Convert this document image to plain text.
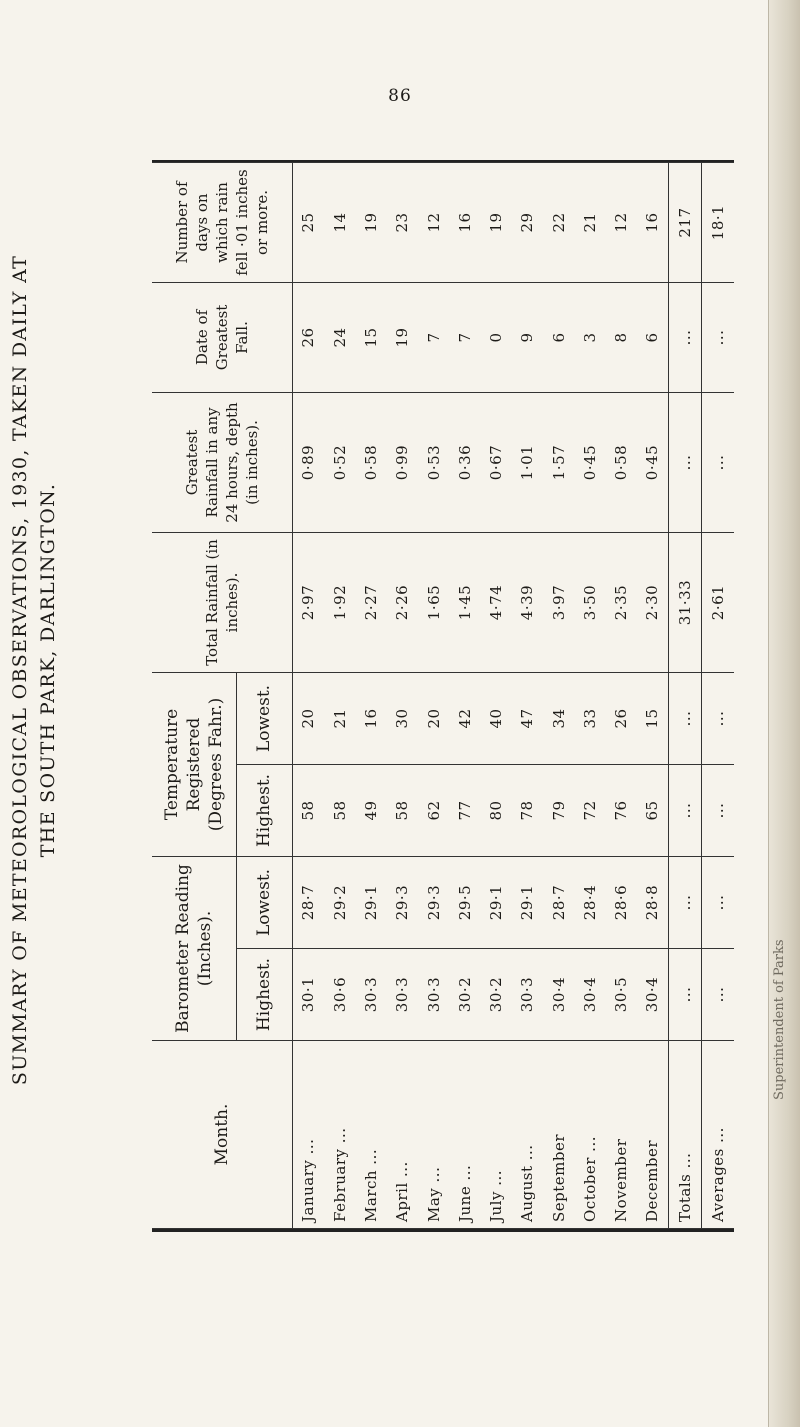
86
SUMMARY OF METEOROLOGICAL OBSERVATIONS, 1930, TAKEN DAILY AT THE SOUTH PARK, DARLINGTON.
Month.	Barometer Reading (Inches).		Temperature Registered (Degrees Fahr.)		Total Rainfall (in inches).	Greatest Rainfall in any 24 hours, depth (in inches).	Date of Greatest Fall.	Number of days on which rain fell ·01 inches or more.
	Highest.	Lowest.	Highest.	Lowest.				
January ...	30·1	28·7	58	20	2·97	0·89	26	25
February ...	30·6	29·2	58	21	1·92	0·52	24	14
March ...	30·3	29·1	49	16	2·27	0·58	15	19
April ...	30·3	29·3	58	30	2·26	0·99	19	23
May ...	30·3	29·3	62	20	1·65	0·53	7	12
June ...	30·2	29·5	77	42	1·45	0·36	7	16
July ...	30·2	29·1	80	40	4·74	0·67	0	19
August ...	30·3	29·1	78	47	4·39	1·01	9	29
September	30·4	28·7	79	34	3·97	1·57	6	22
October ...	30·4	28·4	72	33	3·50	0·45	3	21
November	30·5	28·6	76	26	2·35	0·58	8	12
December	30·4	28·8	65	15	2·30	0·45	6	16
Totals ...	...	...	...	...	31·33	...	...	217
Averages ...	...	...	...	...	2·61	...	...	18·1
Superintendent of Parks
